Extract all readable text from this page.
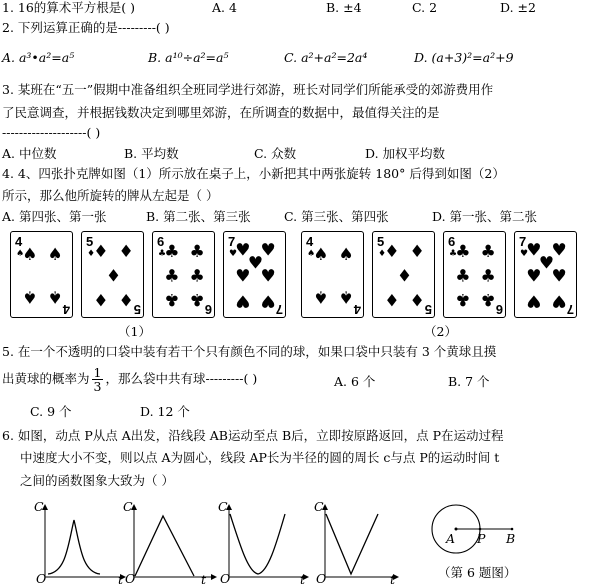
1. 16的算术平方根是( )	A. 4	B. ±4	C. 2	D. ±2
2. 下列运算正确的是---------( )
A. a³•a²=a⁵	B. a¹⁰÷a²=a⁵	C. a²+a²=2a⁴	D. (a+3)²=a²+9
3. 某班在“五一”假期中准备组织全班同学进行郊游，班长对同学们所能承受的郊游费用作
了民意调查，并根据钱数决定到哪里郊游，在所调查的数据中，最值得关注的是
--------------------( )
A. 中位数	B. 平均数	C. 众数	D. 加权平均数
4. 4、四张扑克牌如图（1）所示放在桌子上，小新把其中两张旋转 180° 后得到如图（2）
所示，那么他所旋转的牌从左起是（ ）
A. 第四张、第一张	B. 第二张、第三张	C. 第三张、第四张	D. 第一张、第二张
4
♠
4
♠ ♠
♠ ♠
5
♦
5
♦ ♦
♦
♦ ♦
6
♣
6
♣ ♣
♣ ♣
♣ ♣
7
♥
7
♥ ♥
♥
♥ ♥
♥ ♥
（1）
4
♠
4
♠ ♠
♠ ♠
5
♦
5
♦ ♦
♦
♦ ♦
6
♣
6
♣ ♣
♣ ♣
♣ ♣
7
♥
7
♥ ♥
♥
♥ ♥
♥ ♥
（2）
5. 在一个不透明的口袋中装有若干个只有颜色不同的球，如果口袋中只装有 3 个黄球且摸
出黄球的概率为 $\frac{1}{3}$ ，那么袋中共有球---------( )	A. 6 个	B. 7 个
C. 9 个	D. 12 个
6. 如图，动点 P从点 A出发，沿线段 AB运动至点 B后，立即按原路返回，点 P在运动过程
中速度大小不变，则以点 A为圆心，线段 AP长为半径的圆的周长 c与点 P的运动时间 t
之间的函数图象大致为（ ）
C
O	t
C
O	t
C
O	t
C
O	t
A P B
（第 6 题图）
